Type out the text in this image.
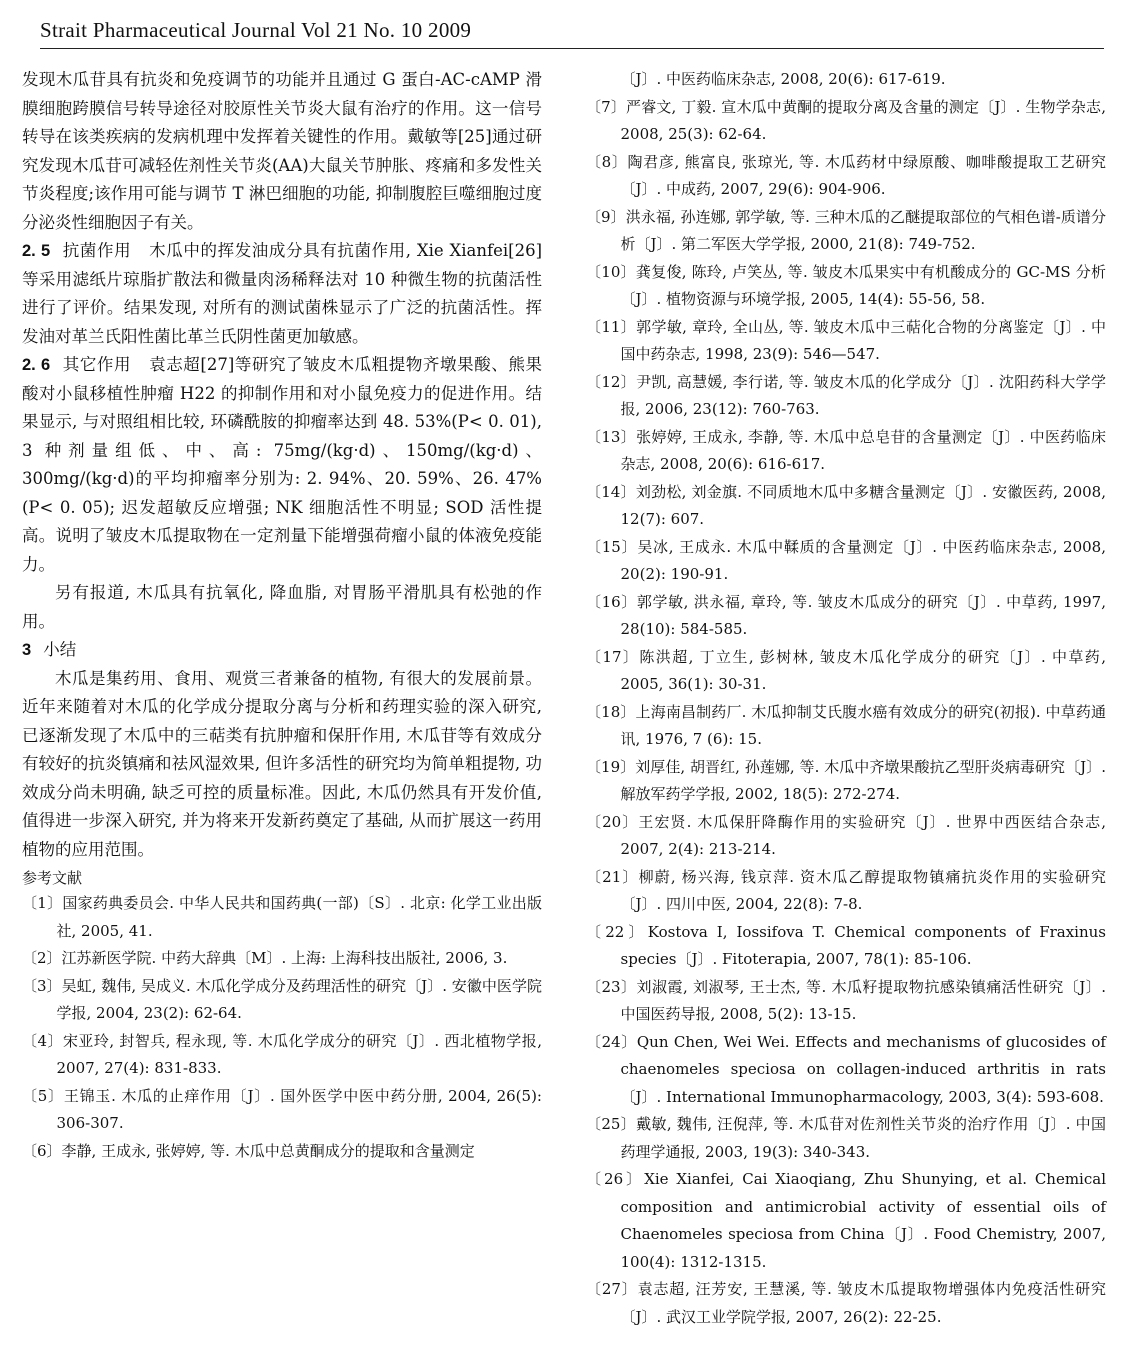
Strait Pharmaceutical Journal Vol 21 No. 10 2009

发现木瓜苷具有抗炎和免疫调节的功能并且通过 G 蛋白-AC-cAMP 滑膜细胞跨膜信号转导途径对胶原性关节炎大鼠有治疗的作用。这一信号转导在该类疾病的发病机理中发挥着关键性的作用。戴敏等[25]通过研究发现木瓜苷可减轻佐剂性关节炎(AA)大鼠关节肿胀、疼痛和多发性关节炎程度;该作用可能与调节 T 淋巴细胞的功能, 抑制腹腔巨噬细胞过度分泌炎性细胞因子有关。

2. 5 抗菌作用 木瓜中的挥发油成分具有抗菌作用, Xie Xianfei[26]等采用滤纸片琼脂扩散法和微量肉汤稀释法对 10 种微生物的抗菌活性进行了评价。结果发现, 对所有的测试菌株显示了广泛的抗菌活性。挥发油对革兰氏阳性菌比革兰氏阴性菌更加敏感。

2. 6 其它作用 袁志超[27]等研究了皱皮木瓜粗提物齐墩果酸、熊果酸对小鼠移植性肿瘤 H22 的抑制作用和对小鼠免疫力的促进作用。结果显示, 与对照组相比较, 环磷酰胺的抑瘤率达到 48. 53%(P< 0. 01), 3 种剂量组低、中、高: 75mg/(kg·d)、150mg/(kg·d)、300mg/(kg·d)的平均抑瘤率分别为: 2. 94%、20. 59%、26. 47% (P< 0. 05); 迟发超敏反应增强; NK 细胞活性不明显; SOD 活性提高。说明了皱皮木瓜提取物在一定剂量下能增强荷瘤小鼠的体液免疫能力。

另有报道, 木瓜具有抗氧化, 降血脂, 对胃肠平滑肌具有松弛的作用。

3 小结

木瓜是集药用、食用、观赏三者兼备的植物, 有很大的发展前景。近年来随着对木瓜的化学成分提取分离与分析和药理实验的深入研究, 已逐渐发现了木瓜中的三萜类有抗肿瘤和保肝作用, 木瓜苷等有效成分有较好的抗炎镇痛和祛风湿效果, 但许多活性的研究均为简单粗提物, 功效成分尚未明确, 缺乏可控的质量标准。因此, 木瓜仍然具有开发价值, 值得进一步深入研究, 并为将来开发新药奠定了基础, 从而扩展这一药用植物的应用范围。

参考文献
〔1〕国家药典委员会. 中华人民共和国药典(一部)〔S〕. 北京: 化学工业出版社, 2005, 41.
〔2〕江苏新医学院. 中药大辞典〔M〕. 上海: 上海科技出版社, 2006, 3.
〔3〕吴虹, 魏伟, 吴成义. 木瓜化学成分及药理活性的研究〔J〕. 安徽中医学院学报, 2004, 23(2): 62-64.
〔4〕宋亚玲, 封智兵, 程永现, 等. 木瓜化学成分的研究〔J〕. 西北植物学报, 2007, 27(4): 831-833.
〔5〕王锦玉. 木瓜的止痒作用〔J〕. 国外医学中医中药分册, 2004, 26(5): 306-307.
〔6〕李静, 王成永, 张婷婷, 等. 木瓜中总黄酮成分的提取和含量测定
〔J〕. 中医药临床杂志, 2008, 20(6): 617-619.
〔7〕严睿文, 丁毅. 宣木瓜中黄酮的提取分离及含量的测定〔J〕. 生物学杂志, 2008, 25(3): 62-64.
〔8〕陶君彦, 熊富良, 张琼光, 等. 木瓜药材中绿原酸、咖啡酸提取工艺研究〔J〕. 中成药, 2007, 29(6): 904-906.
〔9〕洪永福, 孙连娜, 郭学敏, 等. 三种木瓜的乙醚提取部位的气相色谱-质谱分析〔J〕. 第二军医大学学报, 2000, 21(8): 749-752.
〔10〕龚复俊, 陈玲, 卢笑丛, 等. 皱皮木瓜果实中有机酸成分的 GC-MS 分析〔J〕. 植物资源与环境学报, 2005, 14(4): 55-56, 58.
〔11〕郭学敏, 章玲, 全山丛, 等. 皱皮木瓜中三萜化合物的分离鉴定〔J〕. 中国中药杂志, 1998, 23(9): 546—547.
〔12〕尹凯, 高慧媛, 李行诺, 等. 皱皮木瓜的化学成分〔J〕. 沈阳药科大学学报, 2006, 23(12): 760-763.
〔13〕张婷婷, 王成永, 李静, 等. 木瓜中总皂苷的含量测定〔J〕. 中医药临床杂志, 2008, 20(6): 616-617.
〔14〕刘劲松, 刘金旗. 不同质地木瓜中多糖含量测定〔J〕. 安徽医药, 2008, 12(7): 607.
〔15〕吴冰, 王成永. 木瓜中鞣质的含量测定〔J〕. 中医药临床杂志, 2008, 20(2): 190-91.
〔16〕郭学敏, 洪永福, 章玲, 等. 皱皮木瓜成分的研究〔J〕. 中草药, 1997, 28(10): 584-585.
〔17〕陈洪超, 丁立生, 彭树林, 皱皮木瓜化学成分的研究〔J〕. 中草药, 2005, 36(1): 30-31.
〔18〕上海南昌制药厂. 木瓜抑制艾氏腹水癌有效成分的研究(初报). 中草药通讯, 1976, 7 (6): 15.
〔19〕刘厚佳, 胡晋红, 孙莲娜, 等. 木瓜中齐墩果酸抗乙型肝炎病毒研究〔J〕. 解放军药学学报, 2002, 18(5): 272-274.
〔20〕王宏贤. 木瓜保肝降酶作用的实验研究〔J〕. 世界中西医结合杂志, 2007, 2(4): 213-214.
〔21〕柳蔚, 杨兴海, 钱京萍. 资木瓜乙醇提取物镇痛抗炎作用的实验研究〔J〕. 四川中医, 2004, 22(8): 7-8.
〔22〕Kostova I, Iossifova T. Chemical components of Fraxinus species〔J〕. Fitoterapia, 2007, 78(1): 85-106.
〔23〕刘淑霞, 刘淑琴, 王士杰, 等. 木瓜籽提取物抗感染镇痛活性研究〔J〕. 中国医药导报, 2008, 5(2): 13-15.
〔24〕Qun Chen, Wei Wei. Effects and mechanisms of glucosides of chaenomeles speciosa on collagen-induced arthritis in rats〔J〕. International Immunopharmacology, 2003, 3(4): 593-608.
〔25〕戴敏, 魏伟, 汪倪萍, 等. 木瓜苷对佐剂性关节炎的治疗作用〔J〕. 中国药理学通报, 2003, 19(3): 340-343.
〔26〕Xie Xianfei, Cai Xiaoqiang, Zhu Shunying, et al. Chemical composition and antimicrobial activity of essential oils of Chaenomeles speciosa from China〔J〕. Food Chemistry, 2007, 100(4): 1312-1315.
〔27〕袁志超, 汪芳安, 王慧溪, 等. 皱皮木瓜提取物增强体内免疫活性研究〔J〕. 武汉工业学院学报, 2007, 26(2): 22-25.
